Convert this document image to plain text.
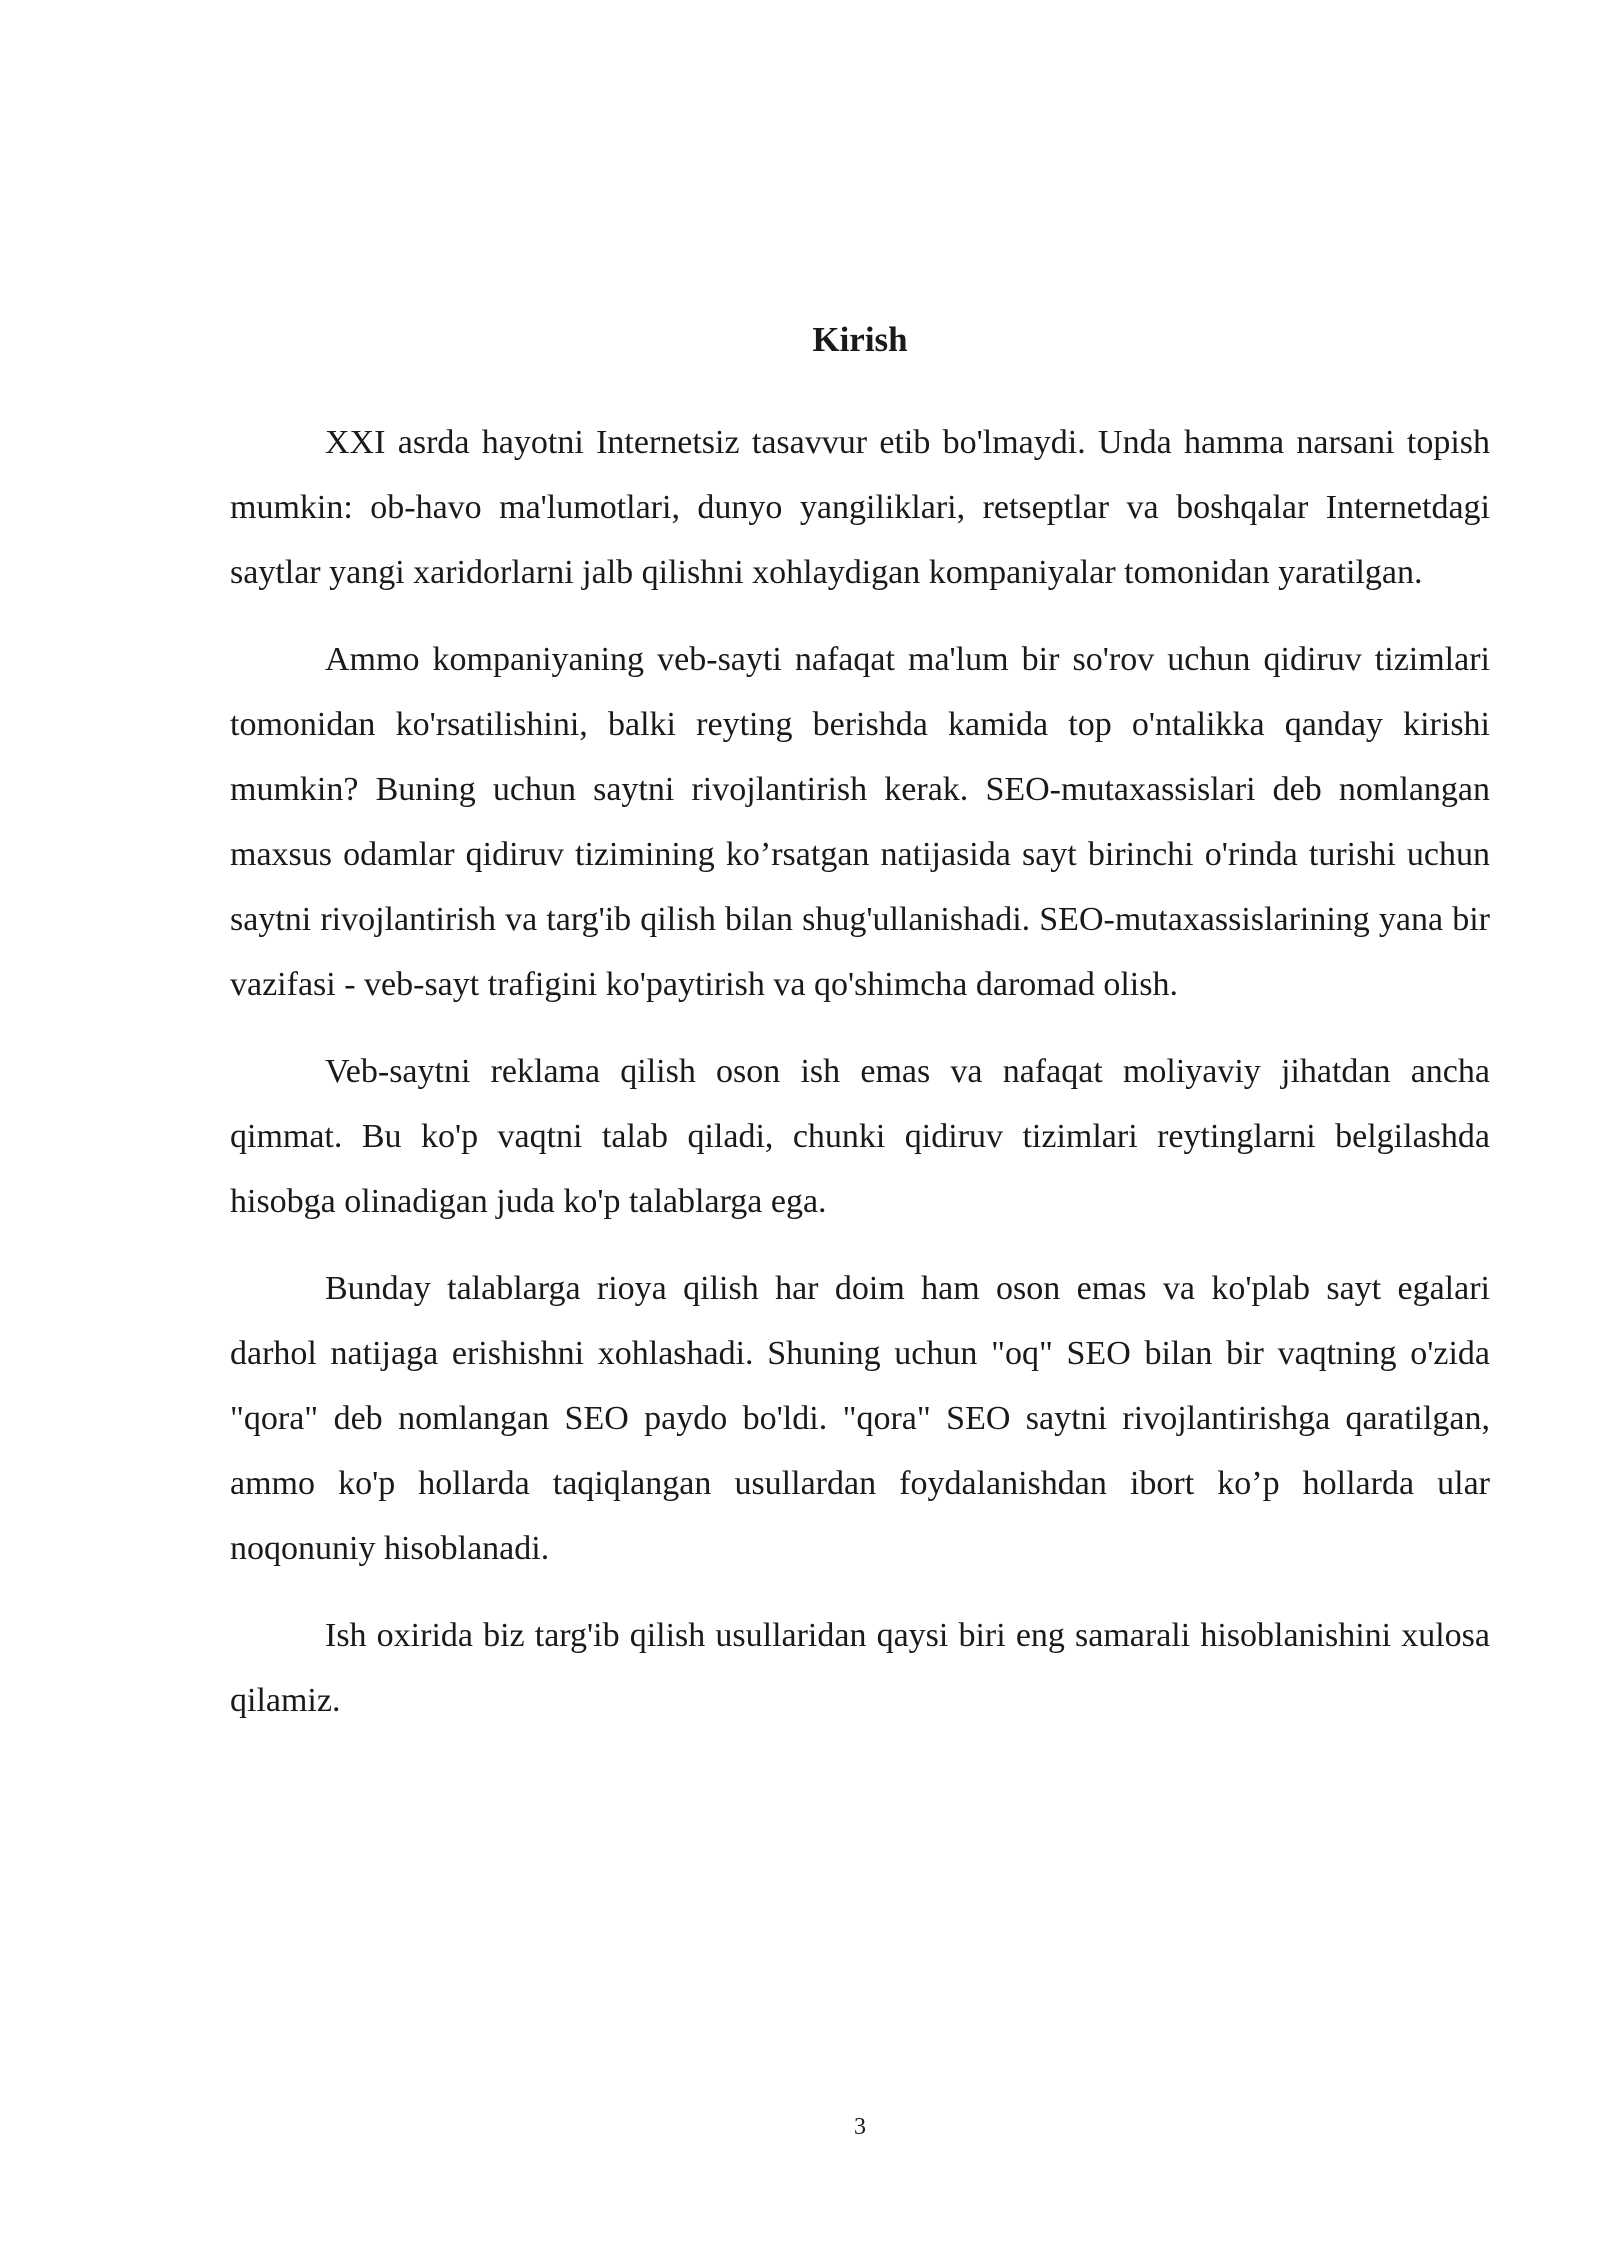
Kirish

XXI asrda hayotni Internetsiz tasavvur etib bo'lmaydi. Unda hamma narsani topish mumkin: ob-havo ma'lumotlari, dunyo yangiliklari, retseptlar va boshqalar Internetdagi saytlar yangi xaridorlarni jalb qilishni xohlaydigan kompaniyalar tomonidan yaratilgan.

Ammo kompaniyaning veb-sayti nafaqat ma'lum bir so'rov uchun qidiruv tizimlari tomonidan ko'rsatilishini, balki reyting berishda kamida top o'ntalikka qanday kirishi mumkin? Buning uchun saytni rivojlantirish kerak. SEO-mutaxassislari deb nomlangan maxsus odamlar qidiruv tizimining ko’rsatgan natijasida sayt birinchi o'rinda turishi uchun saytni rivojlantirish va targ'ib qilish bilan shug'ullanishadi. SEO-mutaxassislarining yana bir vazifasi - veb-sayt trafigini ko'paytirish va qo'shimcha daromad olish.

Veb-saytni reklama qilish oson ish emas va nafaqat moliyaviy jihatdan ancha qimmat. Bu ko'p vaqtni talab qiladi, chunki qidiruv tizimlari reytinglarni belgilashda hisobga olinadigan juda ko'p talablarga ega.

Bunday talablarga rioya qilish har doim ham oson emas va ko'plab sayt egalari darhol natijaga erishishni xohlashadi. Shuning uchun "oq" SEO bilan bir vaqtning o'zida "qora" deb nomlangan SEO paydo bo'ldi. "qora" SEO saytni rivojlantirishga qaratilgan, ammo ko'p hollarda taqiqlangan usullardan foydalanishdan ibort ko’p hollarda ular noqonuniy hisoblanadi.

Ish oxirida biz targ'ib qilish usullaridan qaysi biri eng samarali hisoblanishini xulosa qilamiz.

3
